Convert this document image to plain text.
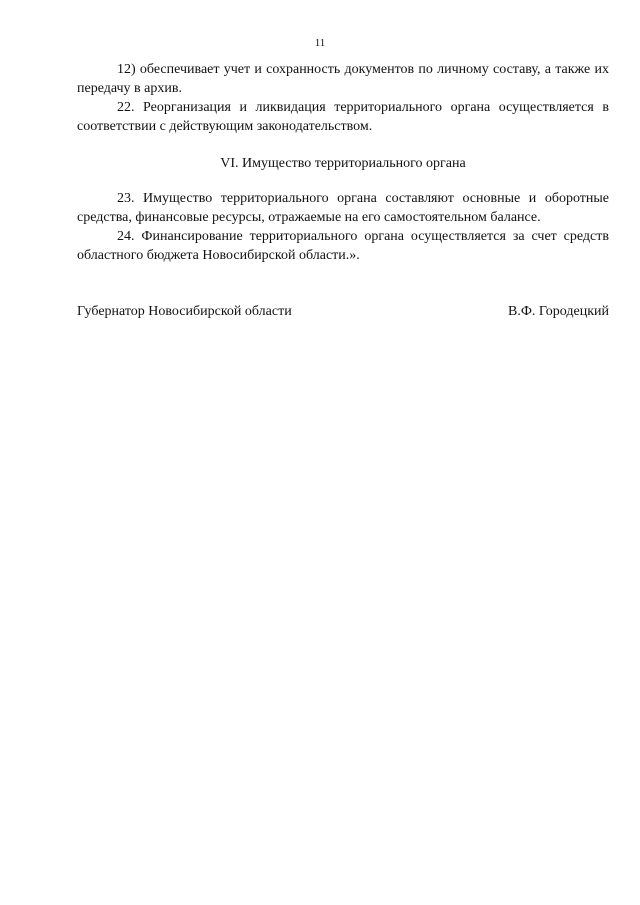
11

12) обеспечивает учет и сохранность документов по личному составу, а также их передачу в архив.

22. Реорганизация и ликвидация территориального органа осуществляется в соответствии с действующим законодательством.

VI. Имущество территориального органа

23. Имущество территориального органа составляют основные и оборотные средства, финансовые ресурсы, отражаемые на его самостоятельном балансе.

24. Финансирование территориального органа осуществляется за счет средств областного бюджета Новосибирской области.».

Губернатор Новосибирской области	В.Ф. Городецкий
